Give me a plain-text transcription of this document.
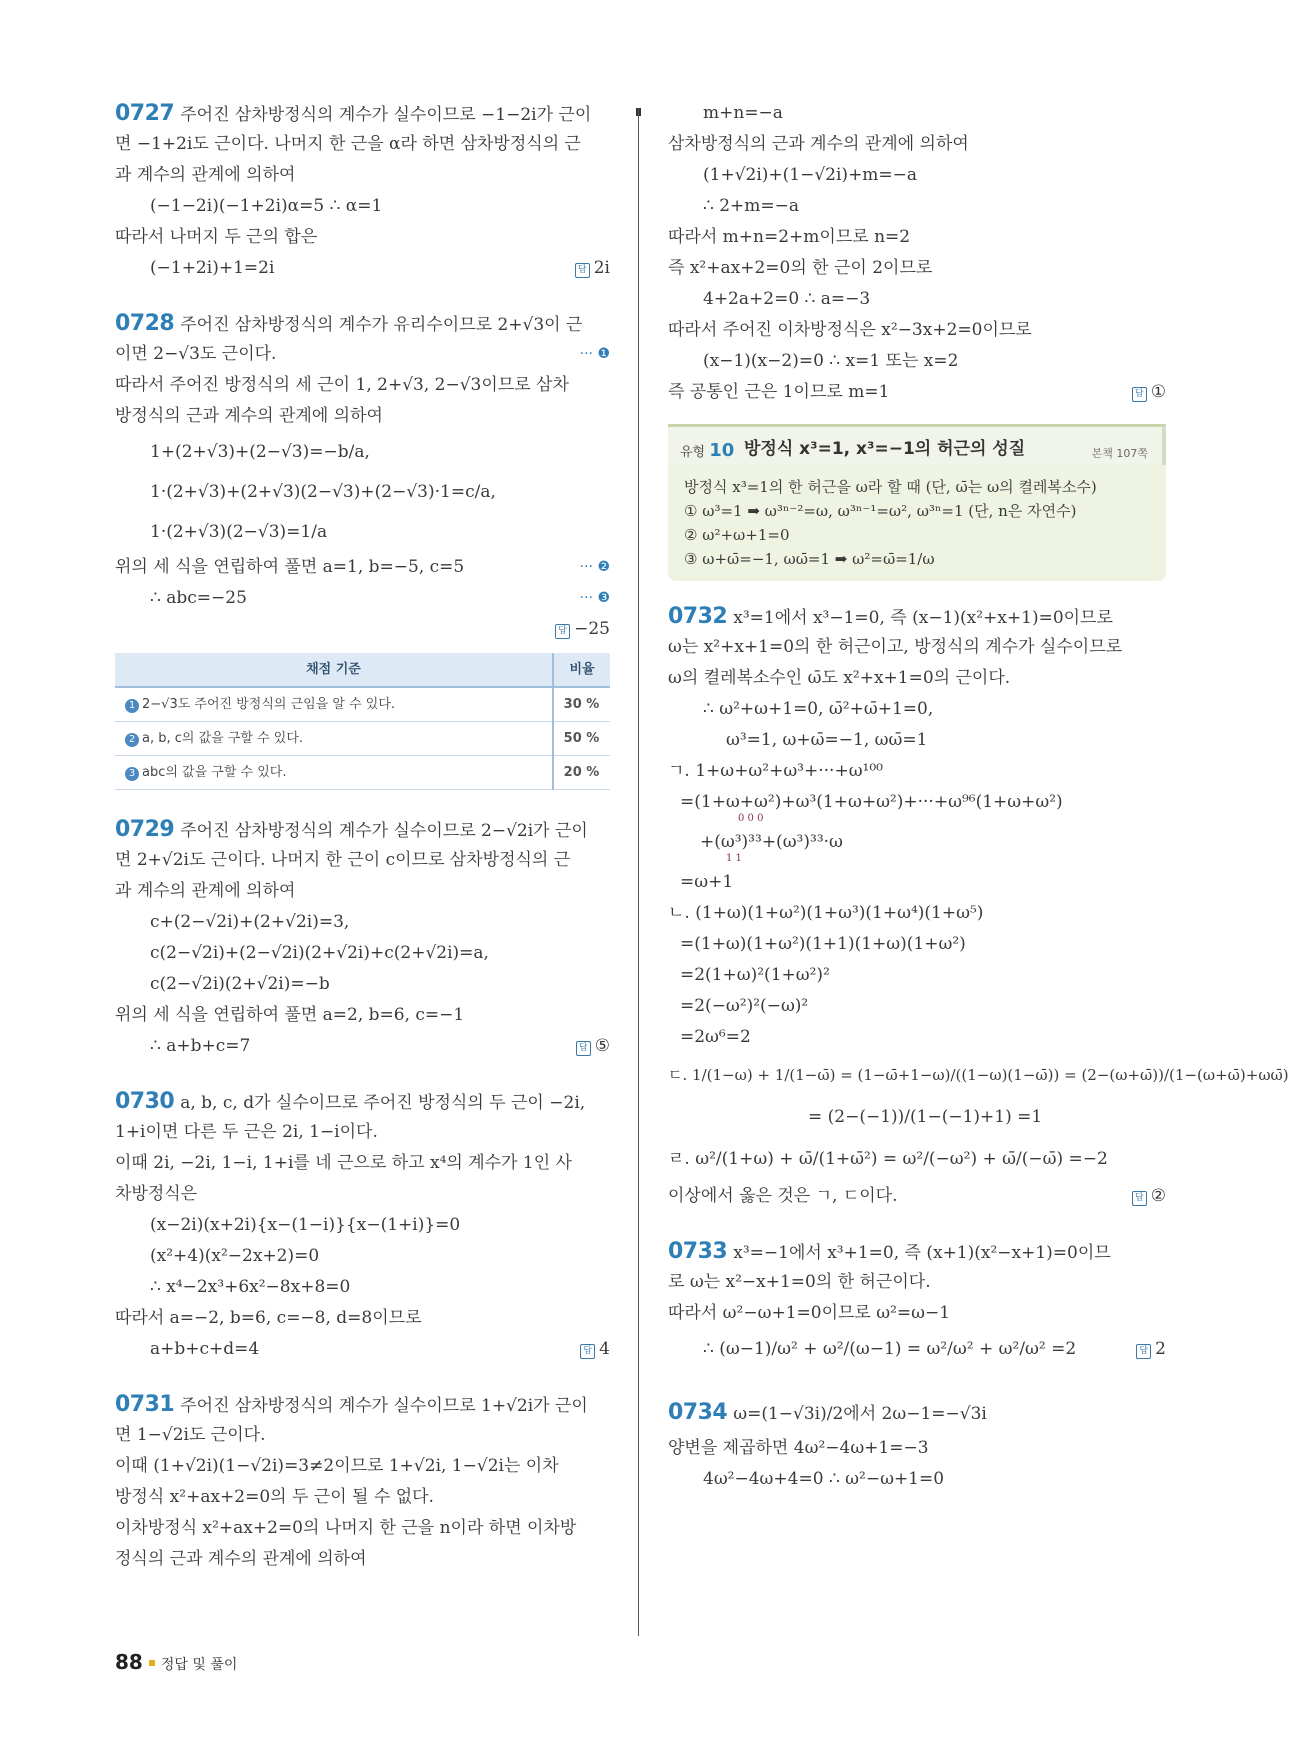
0727 주어진 삼차방정식의 계수가 실수이므로 −1−2i가 근이
면 −1+2i도 근이다. 나머지 한 근을 α라 하면 삼차방정식의 근
과 계수의 관계에 의하여
(−1−2i)(−1+2i)α=5 ∴ α=1
따라서 나머지 두 근의 합은
(−1+2i)+1=2i	답 2i
0728 주어진 삼차방정식의 계수가 유리수이므로 2+√3이 근
이면 2−√3도 근이다.	··· ❶
따라서 주어진 방정식의 세 근이 1, 2+√3, 2−√3이므로 삼차
방정식의 근과 계수의 관계에 의하여
1+(2+√3)+(2−√3)=−b/a,
1·(2+√3)+(2+√3)(2−√3)+(2−√3)·1=c/a,
1·(2+√3)(2−√3)=1/a
위의 세 식을 연립하여 풀면 a=1, b=−5, c=5	··· ❷
∴ abc=−25	··· ❸
답 −25
채점 기준	비율
1 2−√3도 주어진 방정식의 근임을 알 수 있다.	30 %
2 a, b, c의 값을 구할 수 있다.	50 %
3 abc의 값을 구할 수 있다.	20 %
0729 주어진 삼차방정식의 계수가 실수이므로 2−√2i가 근이
면 2+√2i도 근이다. 나머지 한 근이 c이므로 삼차방정식의 근
과 계수의 관계에 의하여
c+(2−√2i)+(2+√2i)=3,
c(2−√2i)+(2−√2i)(2+√2i)+c(2+√2i)=a,
c(2−√2i)(2+√2i)=−b
위의 세 식을 연립하여 풀면 a=2, b=6, c=−1
∴ a+b+c=7	답 ⑤
0730 a, b, c, d가 실수이므로 주어진 방정식의 두 근이 −2i,
1+i이면 다른 두 근은 2i, 1−i이다.
이때 2i, −2i, 1−i, 1+i를 네 근으로 하고 x⁴의 계수가 1인 사
차방정식은
(x−2i)(x+2i){x−(1−i)}{x−(1+i)}=0
(x²+4)(x²−2x+2)=0
∴ x⁴−2x³+6x²−8x+8=0
따라서 a=−2, b=6, c=−8, d=8이므로
a+b+c+d=4	답 4
0731 주어진 삼차방정식의 계수가 실수이므로 1+√2i가 근이
면 1−√2i도 근이다.
이때 (1+√2i)(1−√2i)=3≠2이므로 1+√2i, 1−√2i는 이차
방정식 x²+ax+2=0의 두 근이 될 수 없다.
이차방정식 x²+ax+2=0의 나머지 한 근을 n이라 하면 이차방
정식의 근과 계수의 관계에 의하여
m+n=−a
삼차방정식의 근과 계수의 관계에 의하여
(1+√2i)+(1−√2i)+m=−a
∴ 2+m=−a
따라서 m+n=2+m이므로 n=2
즉 x²+ax+2=0의 한 근이 2이므로
4+2a+2=0 ∴ a=−3
따라서 주어진 이차방정식은 x²−3x+2=0이므로
(x−1)(x−2)=0 ∴ x=1 또는 x=2
즉 공통인 근은 1이므로 m=1	답 ①
유형 10 방정식 x³=1, x³=−1의 허근의 성질	본책 107쪽
방정식 x³=1의 한 허근을 ω라 할 때 (단, ω̄는 ω의 켤레복소수)
① ω³=1 ➡ ω³ⁿ⁻²=ω, ω³ⁿ⁻¹=ω², ω³ⁿ=1 (단, n은 자연수)
② ω²+ω+1=0
③ ω+ω̄=−1, ωω̄=1 ➡ ω²=ω̄=1/ω
0732 x³=1에서 x³−1=0, 즉 (x−1)(x²+x+1)=0이므로
ω는 x²+x+1=0의 한 허근이고, 방정식의 계수가 실수이므로
ω의 켤레복소수인 ω̄도 x²+x+1=0의 근이다.
∴ ω²+ω+1=0, ω̄²+ω̄+1=0,
ω³=1, ω+ω̄=−1, ωω̄=1
ㄱ. 1+ω+ω²+ω³+···+ω¹⁰⁰
=(1+ω+ω²)+ω³(1+ω+ω²)+···+ω⁹⁶(1+ω+ω²)
0 0 0
+(ω³)³³+(ω³)³³·ω
1 1
=ω+1
ㄴ. (1+ω)(1+ω²)(1+ω³)(1+ω⁴)(1+ω⁵)
=(1+ω)(1+ω²)(1+1)(1+ω)(1+ω²)
=2(1+ω)²(1+ω²)²
=2(−ω²)²(−ω)²
=2ω⁶=2
ㄷ. 1/(1−ω) + 1/(1−ω̄) = (1−ω̄+1−ω)/((1−ω)(1−ω̄)) = (2−(ω+ω̄))/(1−(ω+ω̄)+ωω̄)
= (2−(−1))/(1−(−1)+1) =1
ㄹ. ω²/(1+ω) + ω̄/(1+ω̄²) = ω²/(−ω²) + ω̄/(−ω̄) =−2
이상에서 옳은 것은 ㄱ, ㄷ이다.	답 ②
0733 x³=−1에서 x³+1=0, 즉 (x+1)(x²−x+1)=0이므
로 ω는 x²−x+1=0의 한 허근이다.
따라서 ω²−ω+1=0이므로 ω²=ω−1
∴ (ω−1)/ω² + ω²/(ω−1) = ω²/ω² + ω²/ω² =2	답 2
0734 ω=(1−√3i)/2에서 2ω−1=−√3i
양변을 제곱하면 4ω²−4ω+1=−3
4ω²−4ω+4=0 ∴ ω²−ω+1=0
88 정답 및 풀이
